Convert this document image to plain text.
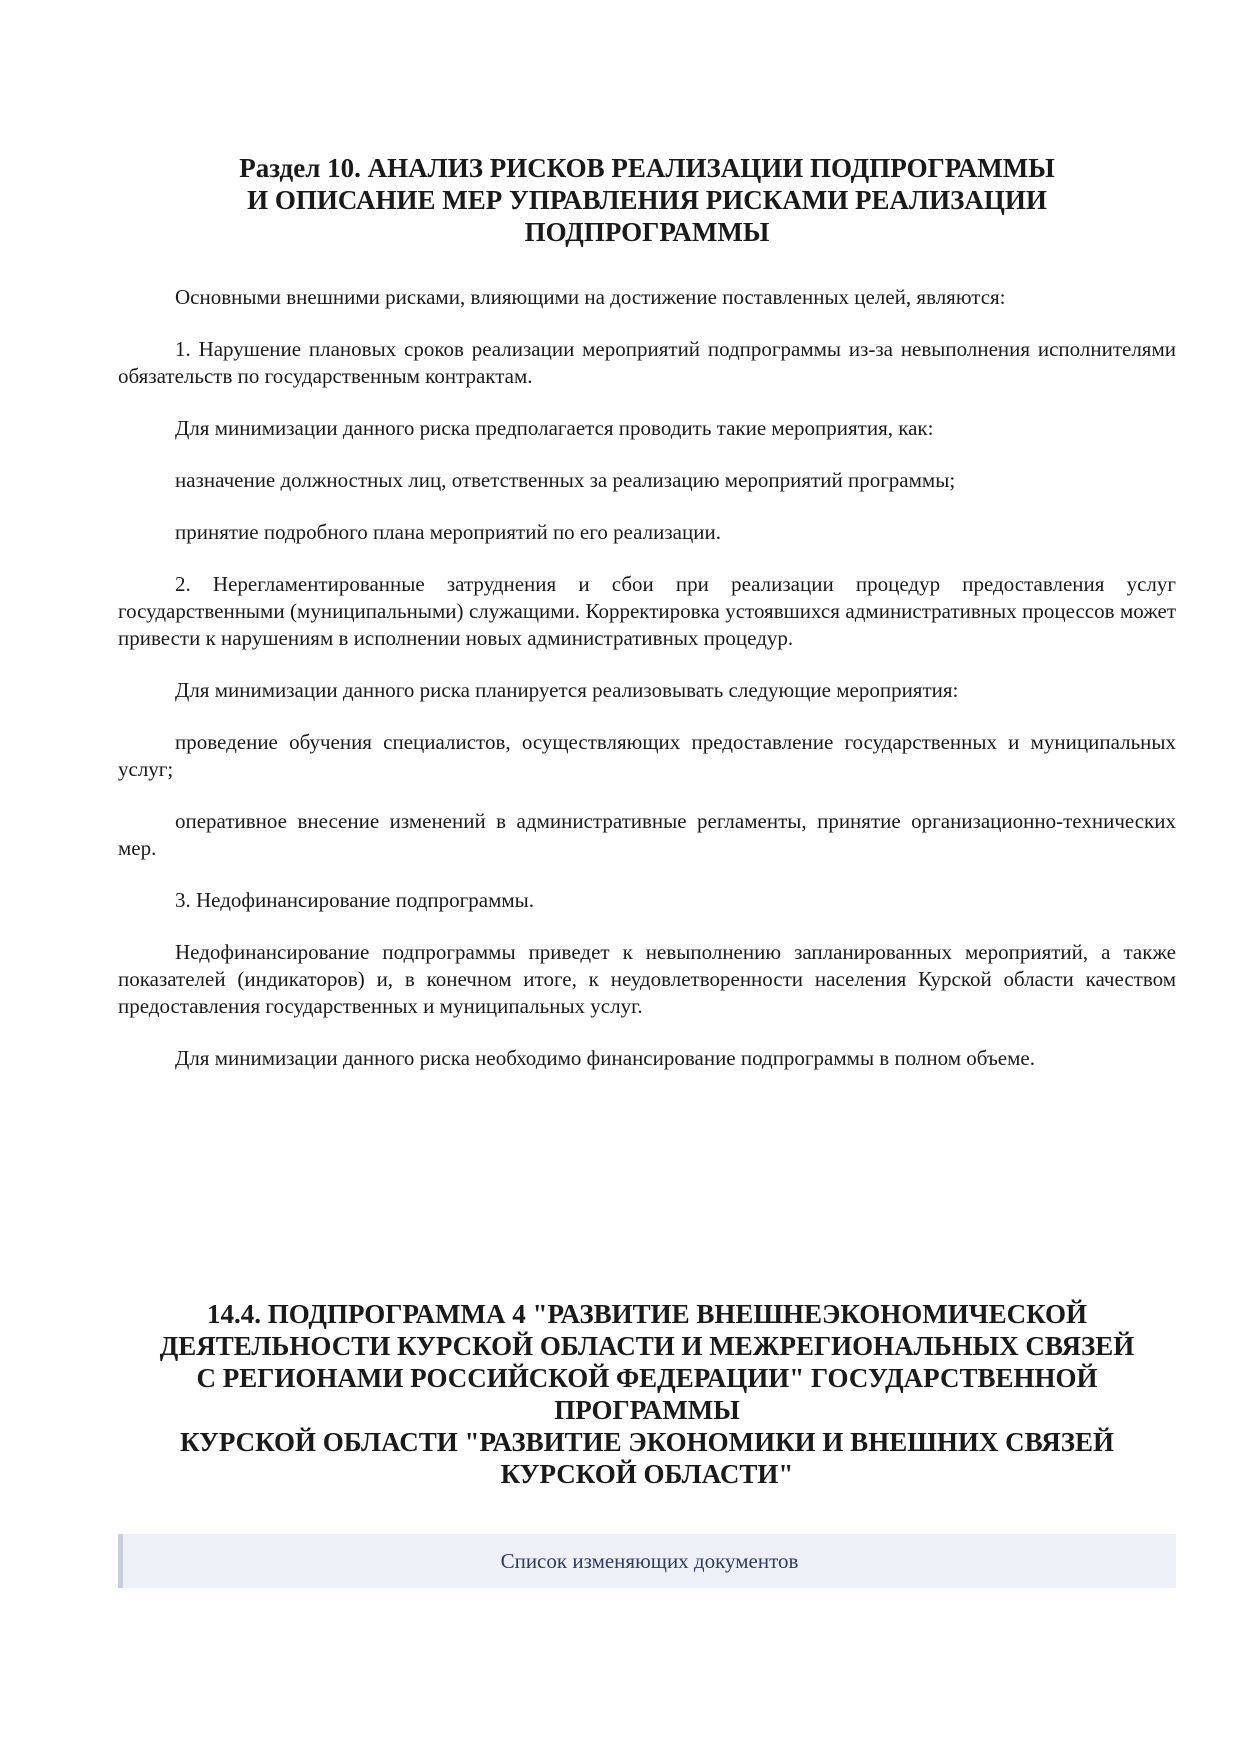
Раздел 10. АНАЛИЗ РИСКОВ РЕАЛИЗАЦИИ ПОДПРОГРАММЫ
И ОПИСАНИЕ МЕР УПРАВЛЕНИЯ РИСКАМИ РЕАЛИЗАЦИИ
ПОДПРОГРАММЫ

Основными внешними рисками, влияющими на достижение поставленных целей, являются:

1. Нарушение плановых сроков реализации мероприятий подпрограммы из-за невыполнения исполнителями обязательств по государственным контрактам.

Для минимизации данного риска предполагается проводить такие мероприятия, как:

назначение должностных лиц, ответственных за реализацию мероприятий программы;

принятие подробного плана мероприятий по его реализации.

2. Нерегламентированные затруднения и сбои при реализации процедур предоставления услуг государственными (муниципальными) служащими. Корректировка устоявшихся административных процессов может привести к нарушениям в исполнении новых административных процедур.

Для минимизации данного риска планируется реализовывать следующие мероприятия:

проведение обучения специалистов, осуществляющих предоставление государственных и муниципальных услуг;

оперативное внесение изменений в административные регламенты, принятие организационно-технических мер.

3. Недофинансирование подпрограммы.

Недофинансирование подпрограммы приведет к невыполнению запланированных мероприятий, а также показателей (индикаторов) и, в конечном итоге, к неудовлетворенности населения Курской области качеством предоставления государственных и муниципальных услуг.

Для минимизации данного риска необходимо финансирование подпрограммы в полном объеме.

14.4. ПОДПРОГРАММА 4 "РАЗВИТИЕ ВНЕШНЕЭКОНОМИЧЕСКОЙ
ДЕЯТЕЛЬНОСТИ КУРСКОЙ ОБЛАСТИ И МЕЖРЕГИОНАЛЬНЫХ СВЯЗЕЙ
С РЕГИОНАМИ РОССИЙСКОЙ ФЕДЕРАЦИИ" ГОСУДАРСТВЕННОЙ
ПРОГРАММЫ
КУРСКОЙ ОБЛАСТИ "РАЗВИТИЕ ЭКОНОМИКИ И ВНЕШНИХ СВЯЗЕЙ
КУРСКОЙ ОБЛАСТИ"
Список изменяющих документов
